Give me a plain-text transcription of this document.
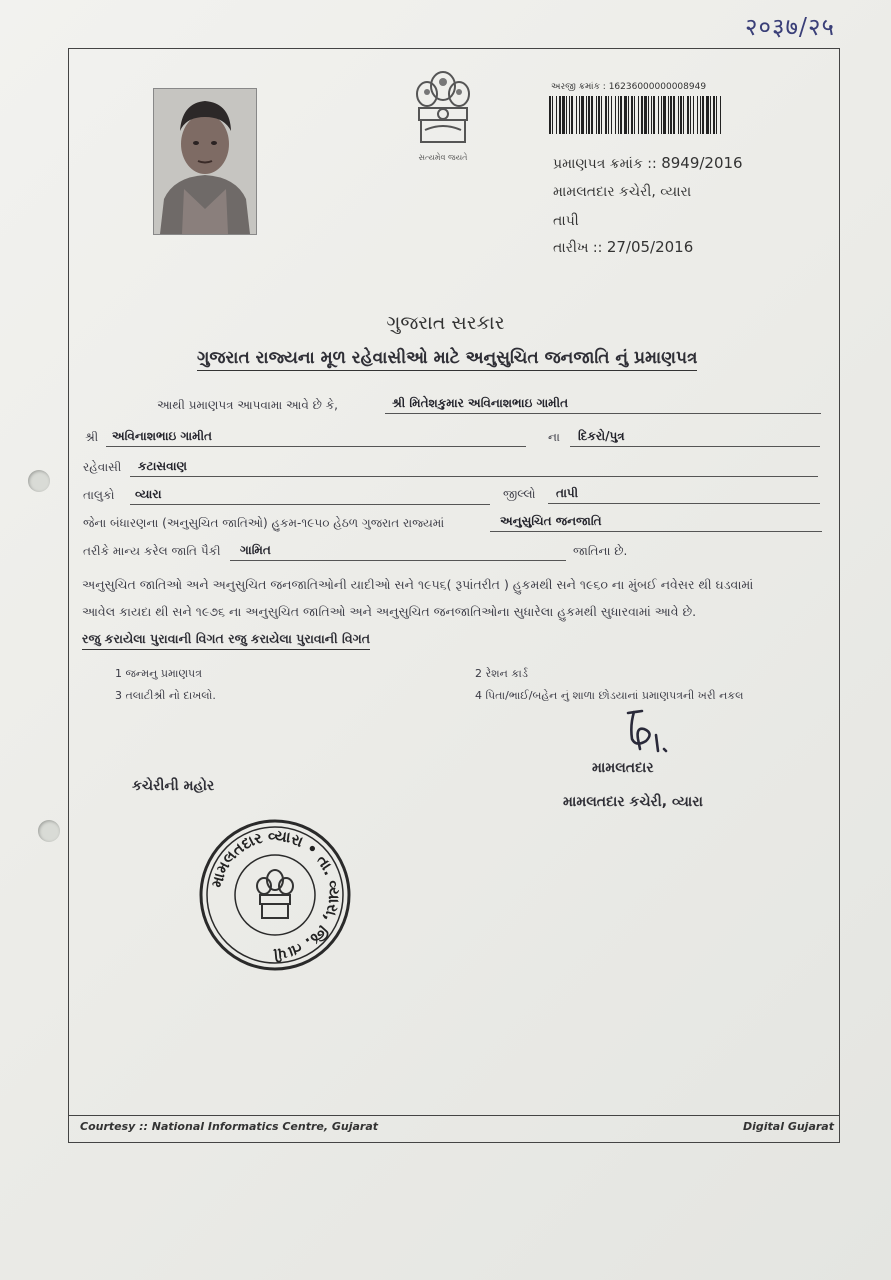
२०३७/२५
સત્યમેવ જયતે
અરજી ક્રમાંક : 16236000000008949
પ્રમાણપત્ર ક્રમાંક :: 8949/2016
મામલતદાર કચેરી, વ્યારા
તાપી
તારીખ :: 27/05/2016
ગુજરાત સરકાર
ગુજરાત રાજ્યના મૂળ રહેવાસીઓ માટે અનુસુચિત જનજાતિ નું પ્રમાણપત્ર
આથી પ્રમાણપત્ર આપવામા આવે છે કે,	શ્રી મિતેશકુમાર અવિનાશભાઇ ગામીત
શ્રી અવિનાશભાઇ ગામીત	ના દિકરો/પુત્ર
રહેવાસી કટાસવાણ
તાલુકો વ્યારા	જીલ્લો તાપી
જેના બંધારણના (અનુસુચિત જાતિઓ) હુકમ-૧૯૫૦ હેઠળ ગુજરાત રાજ્યમાં	અનુસુચિત જનજાતિ
તરીકે માન્ય કરેલ જાતિ પૈકી ગામિત	જાતિના છે.
અનુસુચિત જાતિઓ અને અનુસુચિત જનજાતિઓની યાદીઓ સને ૧૯૫૬( રૂપાંતરીત ) હુકમથી સને ૧૯૬૦ ના મુંબઈ નવેસર થી ઘડવામાં
આવેલ કાયદા થી સને ૧૯૭૬ ના અનુસુચિત જાતિઓ અને અનુસુચિત જનજાતિઓના સુધારેલા હુકમથી સુધારવામાં આવે છે.
રજુ કરાયેલા પુરાવાની વિગત રજુ કરાયેલા પુરાવાની વિગત
1 જન્મનુ પ્રમાણપત્ર	2 રેશન કાર્ડ
3 તલાટીશ્રી નો દાખલો.	4 પિતા/ભાઈ/બહેન નું શાળા છોડયાનાં પ્રમાણપત્રની ખરી નકલ
મામલતદાર
મામલતદાર કચેરી, વ્યારા
કચેરીની મહોર
મામલતદાર વ્યારા • તા. વ્યારા, જિ. તાપી
Courtesy :: National Informatics Centre, Gujarat	Digital Gujarat
